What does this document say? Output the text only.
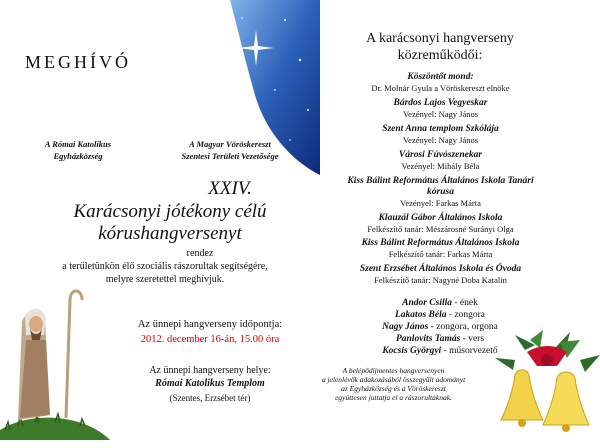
MEGHÍVÓ
A Római Katolikus
Egyházközség
A Magyar Vöröskereszt
Szentesi Területi Vezetősége
XXIV.
Karácsonyi jótékony célú
kórushangversenyt
rendez
a területünkön élő szociális rászorultak segítségére,
melyre szeretettel meghívjuk.
Az ünnepi hangverseny időpontja:
2012. december 16-án, 15.00 óra
Az ünnepi hangverseny helye:
Római Katolikus Templom
(Szentes, Erzsébet tér)
A karácsonyi hangverseny
közreműködői:
Köszöntőt mond:
Dr. Molnár Gyula a Vöröskereszt elnöke
Bárdos Lajos Vegyeskar
Vezényel: Nagy János
Szent Anna templom Szkólája
Vezényel: Nagy János
Városi Fúvószenekar
Vezényel: Mihály Béla
Kiss Bálint Református Általános Iskola Tanári kórusa
Vezényel: Farkas Márta
Klauzál Gábor Általános Iskola
Felkészítő tanár: Mészárosné Surányi Olga
Kiss Bálint Református Általános Iskola
Felkészítő tanár: Farkas Márta
Szent Erzsébet Általános Iskola és Óvoda
Felkészítő tanár: Nagyné Doba Katalin
Andor Csilla - ének
Lakatos Béla - zongora
Nagy János - zongora, orgona
Panlovits Tamás - vers
Kocsis Györgyi - műsorvezető
A belépődíjmentes hangversenyen
a jelenlévők adakozásából összegyűlt adományt
az Egyházközség és a Vöröskereszt
együttesen juttatja el a rászorultaknak.
